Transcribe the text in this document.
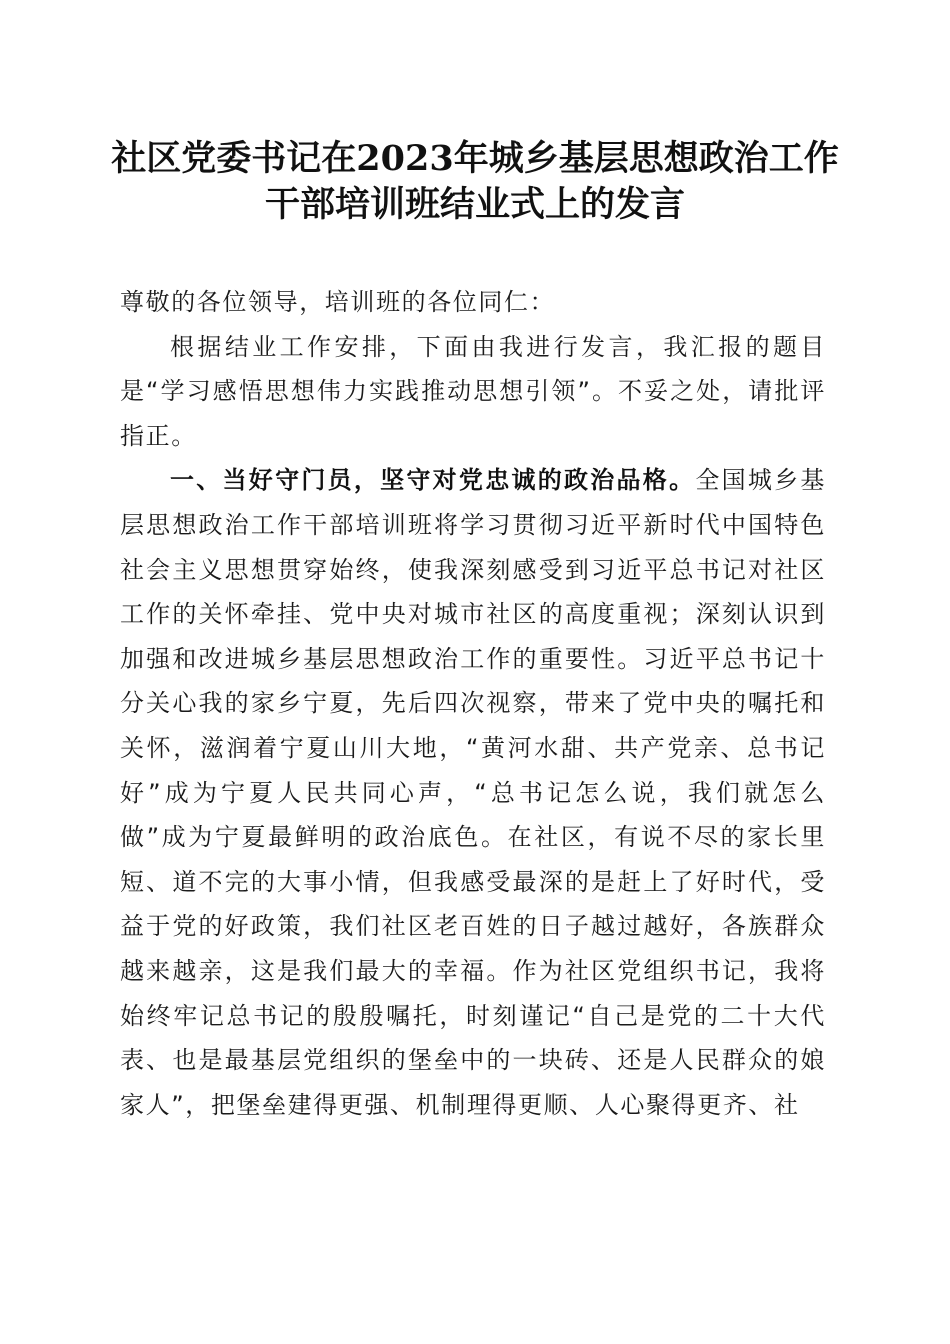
社区党委书记在2023年城乡基层思想政治工作干部培训班结业式上的发言

尊敬的各位领导，培训班的各位同仁：

根据结业工作安排，下面由我进行发言，我汇报的题目是“学习感悟思想伟力实践推动思想引领”。不妥之处，请批评指正。

一、当好守门员，坚守对党忠诚的政治品格。全国城乡基层思想政治工作干部培训班将学习贯彻习近平新时代中国特色社会主义思想贯穿始终，使我深刻感受到习近平总书记对社区工作的关怀牵挂、党中央对城市社区的高度重视；深刻认识到加强和改进城乡基层思想政治工作的重要性。习近平总书记十分关心我的家乡宁夏，先后四次视察，带来了党中央的嘱托和关怀，滋润着宁夏山川大地，“黄河水甜、共产党亲、总书记好”成为宁夏人民共同心声，“总书记怎么说，我们就怎么做”成为宁夏最鲜明的政治底色。在社区，有说不尽的家长里短、道不完的大事小情，但我感受最深的是赶上了好时代，受益于党的好政策，我们社区老百姓的日子越过越好，各族群众越来越亲，这是我们最大的幸福。作为社区党组织书记，我将始终牢记总书记的殷殷嘱托，时刻谨记“自己是党的二十大代表、也是最基层党组织的堡垒中的一块砖、还是人民群众的娘家人”，把堡垒建得更强、机制理得更顺、人心聚得更齐、社
